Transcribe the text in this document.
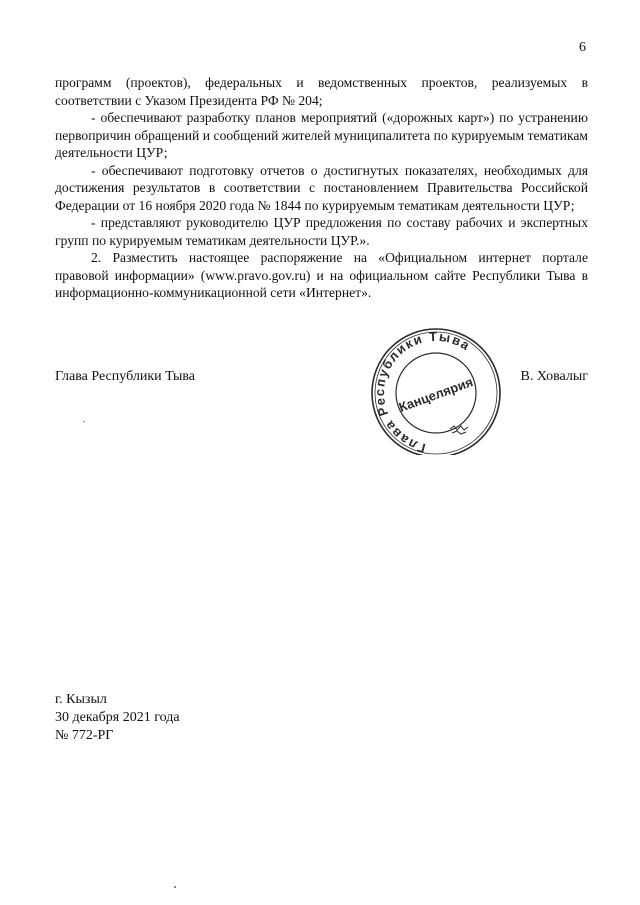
6

программ (проектов), федеральных и ведомственных проектов, реализуемых в соответствии с Указом Президента РФ № 204;

- обеспечивают разработку планов мероприятий («дорожных карт») по устранению первопричин обращений и сообщений жителей муниципалитета по курируемым тематикам деятельности ЦУР;

- обеспечивают подготовку отчетов о достигнутых показателях, необходимых для достижения результатов в соответствии с постановлением Правительства Российской Федерации от 16 ноября 2020 года № 1844 по курируемым тематикам деятельности ЦУР;

- представляют руководителю ЦУР предложения по составу рабочих и экспертных групп по курируемым тематикам деятельности ЦУР.».

2. Разместить настоящее распоряжение на «Официальном интернет портале правовой информации» (www.pravo.gov.ru) и на официальном сайте Республики Тыва в информационно-коммуникационной сети «Интернет».

Глава Республики Тыва	В. Ховалыг
Глава Республики Тыва
Канцелярия
`
г. Кызыл
30 декабря 2021 года
№ 772-РГ
